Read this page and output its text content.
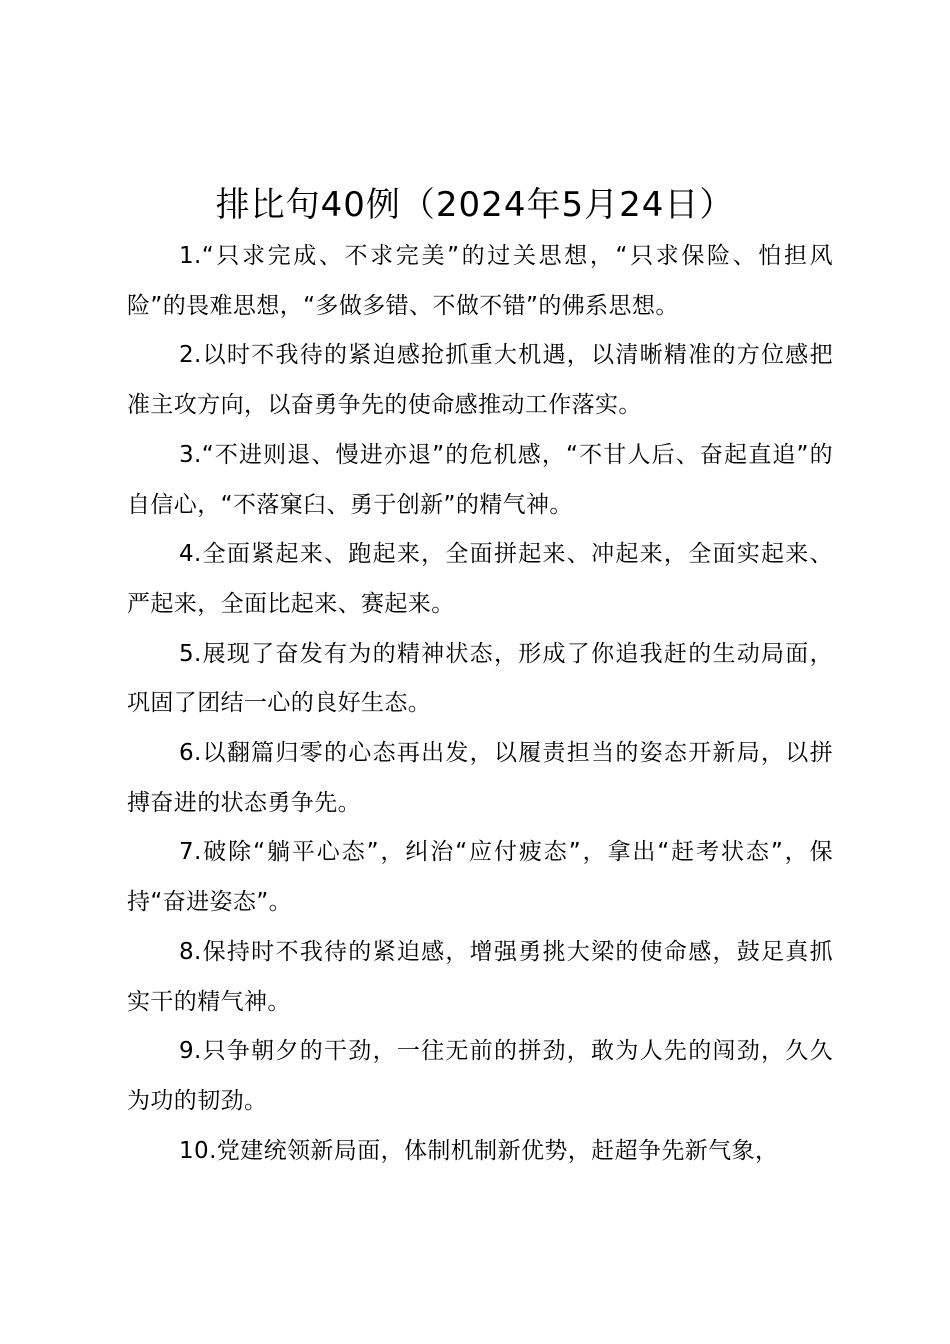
排比句40例（2024年5月24日）

1.“只求完成、不求完美”的过关思想，“只求保险、怕担风险”的畏难思想，“多做多错、不做不错”的佛系思想。

2.以时不我待的紧迫感抢抓重大机遇，以清晰精准的方位感把准主攻方向，以奋勇争先的使命感推动工作落实。

3.“不进则退、慢进亦退”的危机感，“不甘人后、奋起直追”的自信心，“不落窠臼、勇于创新”的精气神。

4.全面紧起来、跑起来，全面拼起来、冲起来，全面实起来、严起来，全面比起来、赛起来。

5.展现了奋发有为的精神状态，形成了你追我赶的生动局面，巩固了团结一心的良好生态。

6.以翻篇归零的心态再出发，以履责担当的姿态开新局，以拼搏奋进的状态勇争先。

7.破除“躺平心态”，纠治“应付疲态”，拿出“赶考状态”，保持“奋进姿态”。

8.保持时不我待的紧迫感，增强勇挑大梁的使命感，鼓足真抓实干的精气神。

9.只争朝夕的干劲，一往无前的拼劲，敢为人先的闯劲，久久为功的韧劲。

10.党建统领新局面，体制机制新优势，赶超争先新气象，
